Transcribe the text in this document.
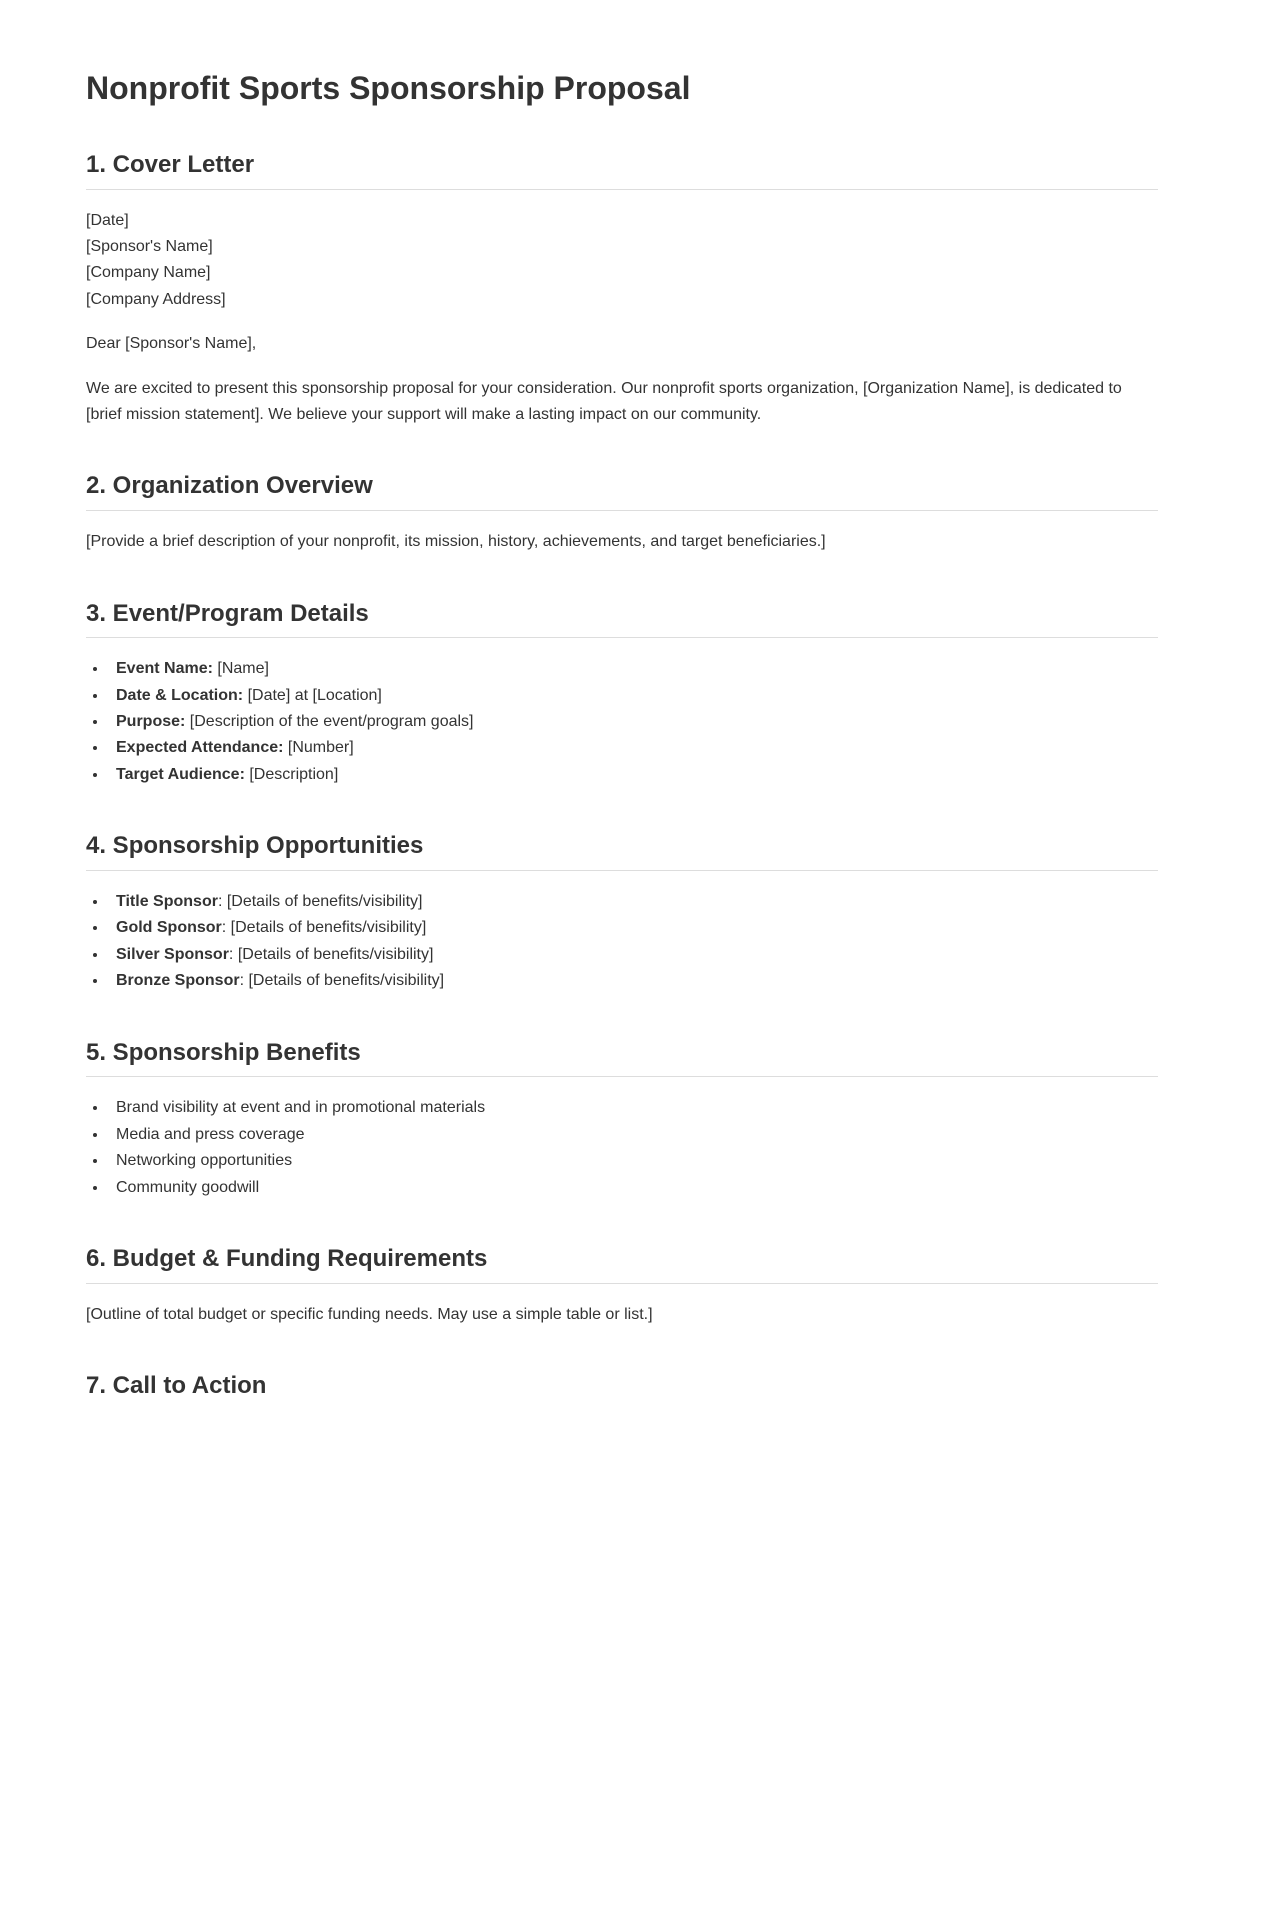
Nonprofit Sports Sponsorship Proposal
1. Cover Letter

[Date]
[Sponsor's Name]
[Company Name]
[Company Address]

Dear [Sponsor's Name],

We are excited to present this sponsorship proposal for your consideration. Our nonprofit sports organization, [Organization Name], is dedicated to [brief mission statement]. We believe your support will make a lasting impact on our community.

2. Organization Overview

[Provide a brief description of your nonprofit, its mission, history, achievements, and target beneficiaries.]

3. Event/Program Details
• Event Name: [Name]
• Date & Location: [Date] at [Location]
• Purpose: [Description of the event/program goals]
• Expected Attendance: [Number]
• Target Audience: [Description]
4. Sponsorship Opportunities
• Title Sponsor: [Details of benefits/visibility]
• Gold Sponsor: [Details of benefits/visibility]
• Silver Sponsor: [Details of benefits/visibility]
• Bronze Sponsor: [Details of benefits/visibility]
5. Sponsorship Benefits
• Brand visibility at event and in promotional materials
• Media and press coverage
• Networking opportunities
• Community goodwill
6. Budget & Funding Requirements

[Outline of total budget or specific funding needs. May use a simple table or list.]

7. Call to Action
